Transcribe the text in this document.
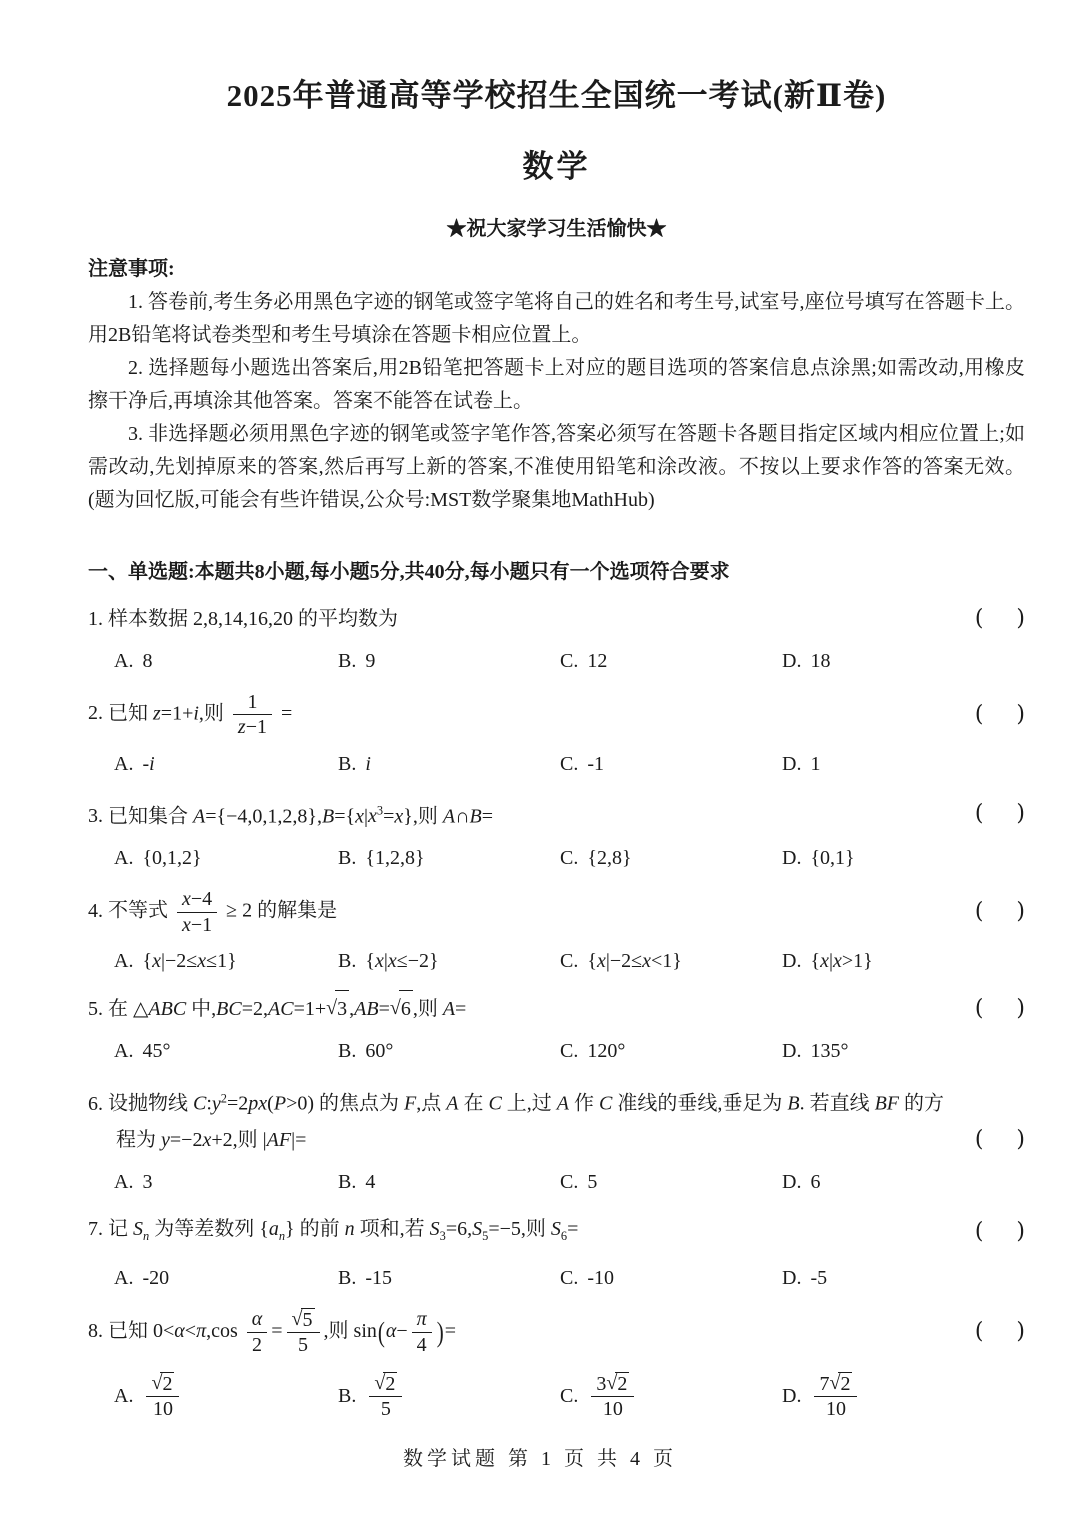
2025年普通高等学校招生全国统一考试(新Ⅱ卷)
数学
★祝大家学习生活愉快★
注意事项:

1. 答卷前,考生务必用黑色字迹的钢笔或签字笔将自己的姓名和考生号,试室号,座位号填写在答题卡上。用2B铅笔将试卷类型和考生号填涂在答题卡相应位置上。

2. 选择题每小题选出答案后,用2B铅笔把答题卡上对应的题目选项的答案信息点涂黑;如需改动,用橡皮擦干净后,再填涂其他答案。答案不能答在试卷上。

3. 非选择题必须用黑色字迹的钢笔或签字笔作答,答案必须写在答题卡各题目指定区域内相应位置上;如需改动,先划掉原来的答案,然后再写上新的答案,不准使用铅笔和涂改液。不按以上要求作答的答案无效。(题为回忆版,可能会有些许错误,公众号:MST数学聚集地MathHub)

一、单选题:本题共8小题,每小题5分,共40分,每小题只有一个选项符合要求
1. 样本数据 2,8,14,16,20 的平均数为	(  )
A. 8	B. 9	C. 12	D. 18
2. 已知 z=1+i,则 $\frac{1}{z-1}$ =	(  )
A. -i	B. i	C. -1	D. 1
3. 已知集合 $A=\{-4,0,1,2,8\},B=\{x|x^3=x\}$,则 A∩B=	(  )
A. {0,1,2}	B. {1,2,8}	C. {2,8}	D. {0,1}
4. 不等式 $\frac{x-4}{x-1} \ge 2$ 的解集是	(  )
A. {x|−2≤x≤1}	B. {x|x≤−2}	C. {x|−2≤x<1}	D. {x|x>1}
5. 在 △ABC 中,BC=2,AC=1+√3 ,AB=√6 ,则 A=	(  )
A. 45°	B. 60°	C. 120°	D. 135°
6. 设抛物线 $C:y^2=2px(P>0)$ 的焦点为 F,点 A 在 C 上,过 A 作 C 准线的垂线,垂足为 B. 若直线 BF 的方
程为 y=−2x+2,则 |AF|=	(  )
A. 3	B. 4	C. 5	D. 6
7. 记 $S_n$ 为等差数列 $\{a_n\}$ 的前 n 项和,若 $S_3=6,S_5=-5$,则 $S_6=$	(  )
A. -20	B. -15	C. -10	D. -5
8. 已知 $0<\alpha<\pi,\cos \frac{\alpha}{2} = \frac{√5}{5}$ ,则 $\sin(\alpha- \frac{\pi}{4}$ )=	(  )
A. $\frac{√2}{10}$	B. $\frac{√2}{5}$	C. $\frac{3√2}{10}$	D. $\frac{7√2}{10}$
数学试题 第 1 页 共 4 页
